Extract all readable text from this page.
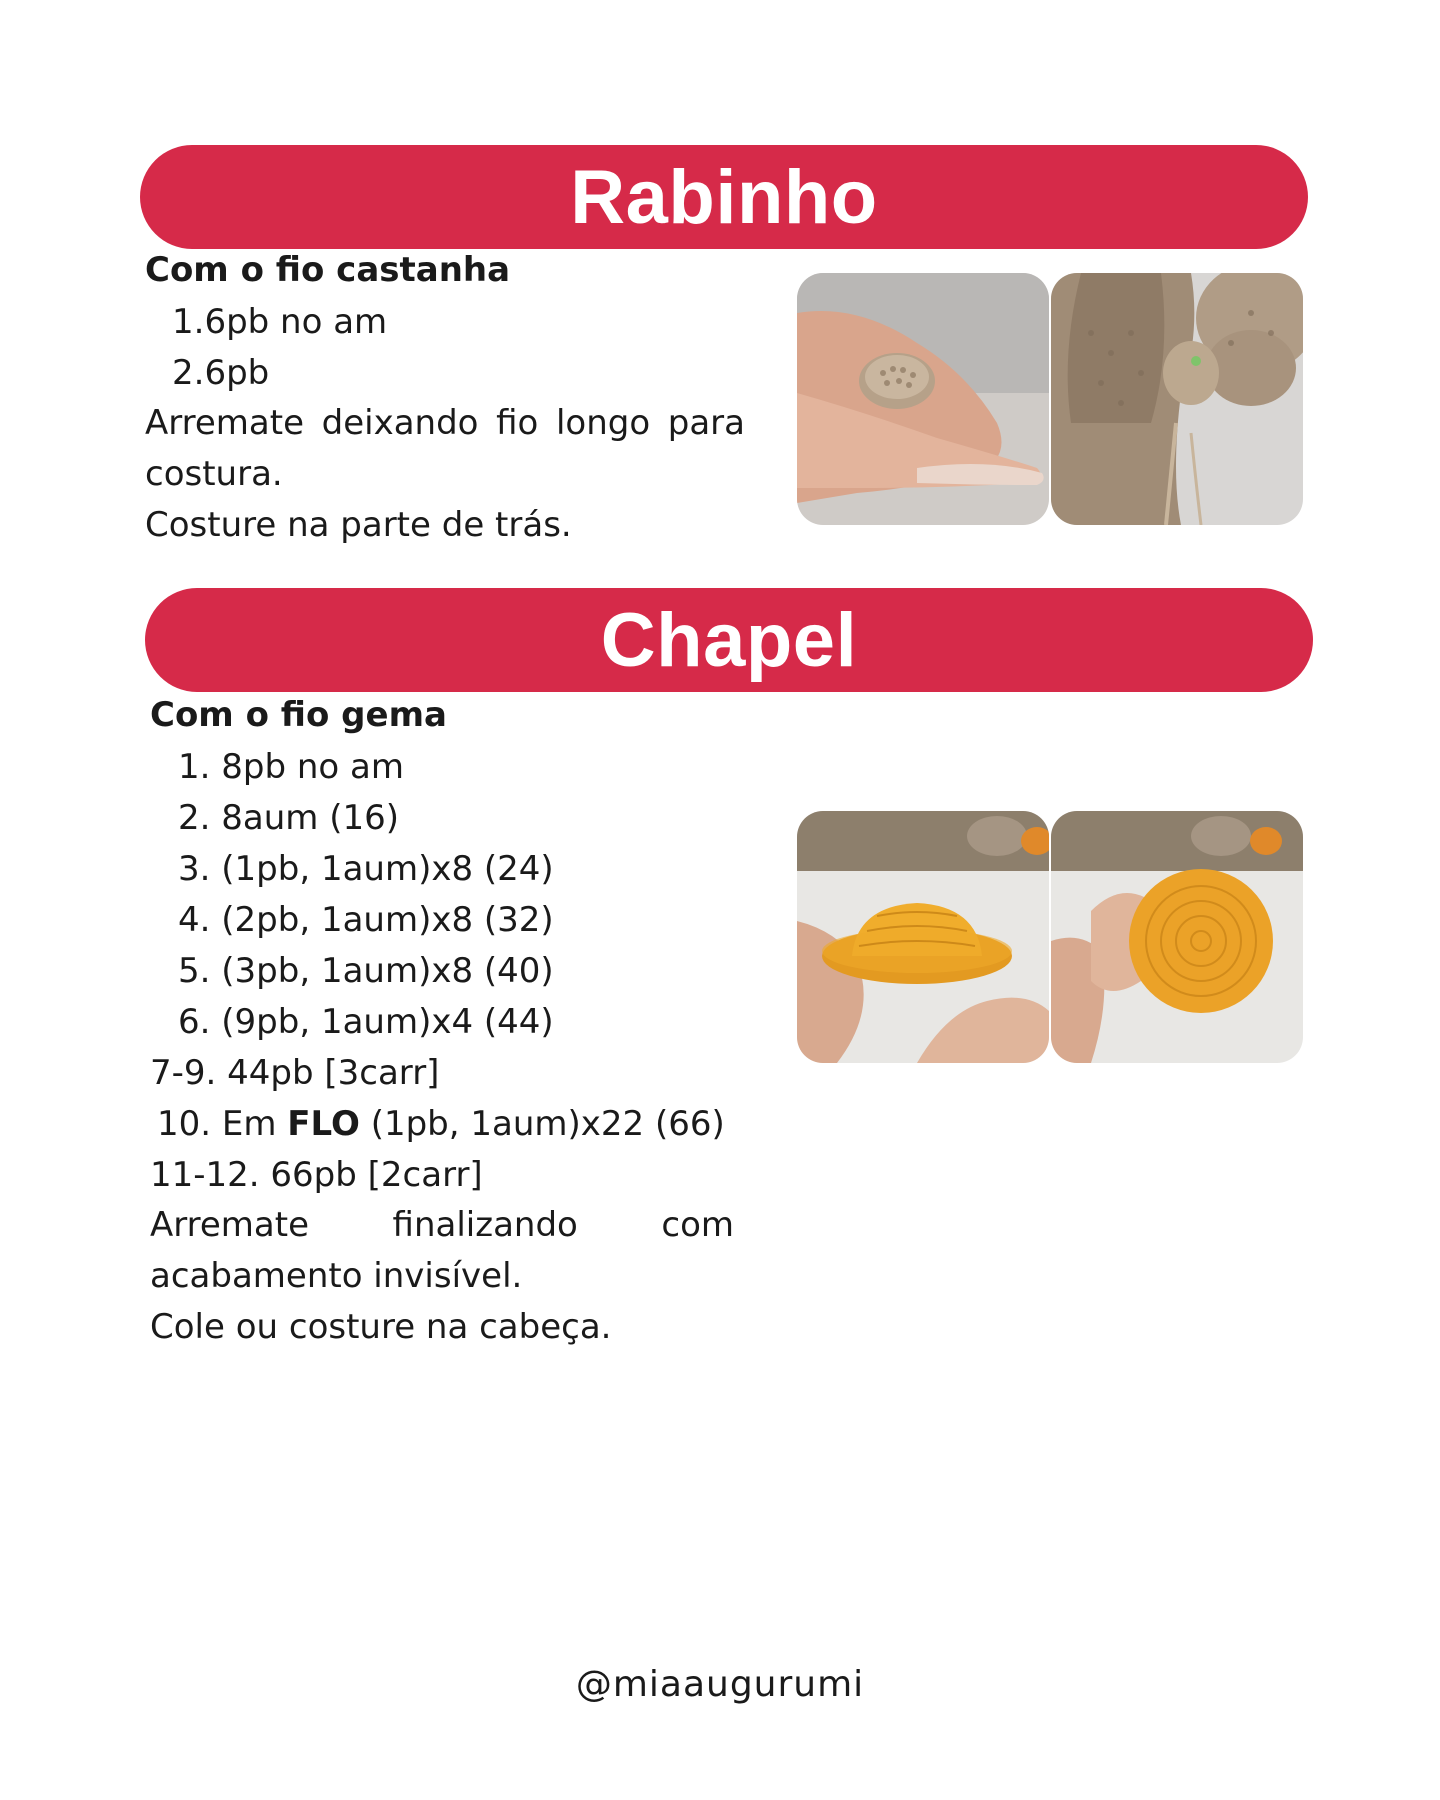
Rabinho
Com o fio castanha
1.6pb no am
2.6pb
Arremate deixando fio longo para
costura.
Costure na parte de trás.
Chapel
Com o fio gema
1. 8pb no am
2. 8aum (16)
3. (1pb, 1aum)x8 (24)
4. (2pb, 1aum)x8 (32)
5. (3pb, 1aum)x8 (40)
6. (9pb, 1aum)x4 (44)
7-9. 44pb [3carr]
10. Em FLO (1pb, 1aum)x22 (66)
11-12. 66pb [2carr]
Arremate finalizando com
acabamento invisível.
Cole ou costure na cabeça.
@miaaugurumi
